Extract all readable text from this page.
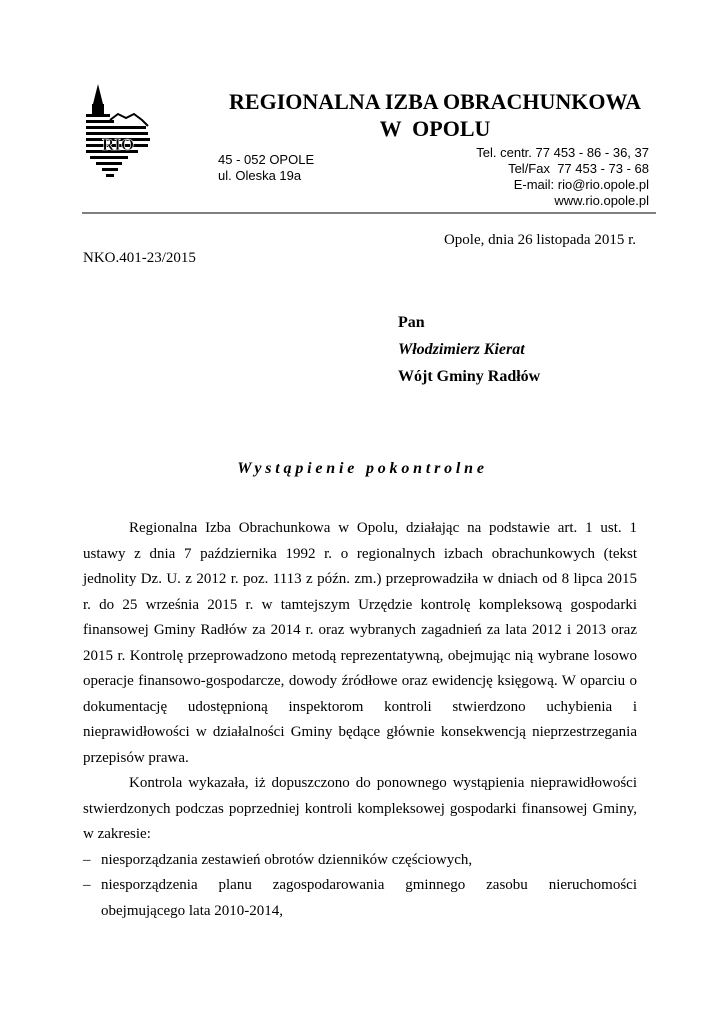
RIO
REGIONALNA IZBA OBRACHUNKOWA
W  OPOLU
45 - 052 OPOLE
ul. Oleska 19a
Tel. centr. 77 453 - 86 - 36, 37
Tel/Fax  77 453 - 73 - 68
E-mail: rio@rio.opole.pl
www.rio.opole.pl
Opole, dnia 26 listopada 2015 r.
NKO.401-23/2015
Pan
Włodzimierz Kierat
Wójt Gminy Radłów
Wystąpienie pokontrolne

Regionalna Izba Obrachunkowa w Opolu, działając na podstawie art. 1 ust. 1 ustawy z dnia 7 października 1992 r. o regionalnych izbach obrachunkowych (tekst jednolity Dz. U. z 2012 r. poz. 1113 z późn. zm.) przeprowadziła w dniach od 8 lipca 2015 r. do 25 września 2015 r. w tamtejszym Urzędzie kontrolę kompleksową gospodarki finansowej Gminy Radłów za 2014 r. oraz wybranych zagadnień za lata 2012 i 2013 oraz 2015 r. Kontrolę przeprowadzono metodą reprezentatywną, obejmując nią wybrane losowo operacje finansowo-gospodarcze, dowody źródłowe oraz ewidencję księgową. W oparciu o dokumentację udostępnioną inspektorom kontroli stwierdzono uchybienia i nieprawidłowości w działalności Gminy będące głównie konsekwencją nieprzestrzegania przepisów prawa.

Kontrola wykazała, iż dopuszczono do ponownego wystąpienia nieprawidłowości stwierdzonych podczas poprzedniej kontroli kompleksowej gospodarki finansowej Gminy, w zakresie:

– niesporządzania zestawień obrotów dzienników częściowych,
– niesporządzenia planu zagospodarowania gminnego zasobu nieruchomości obejmującego lata 2010-2014,
